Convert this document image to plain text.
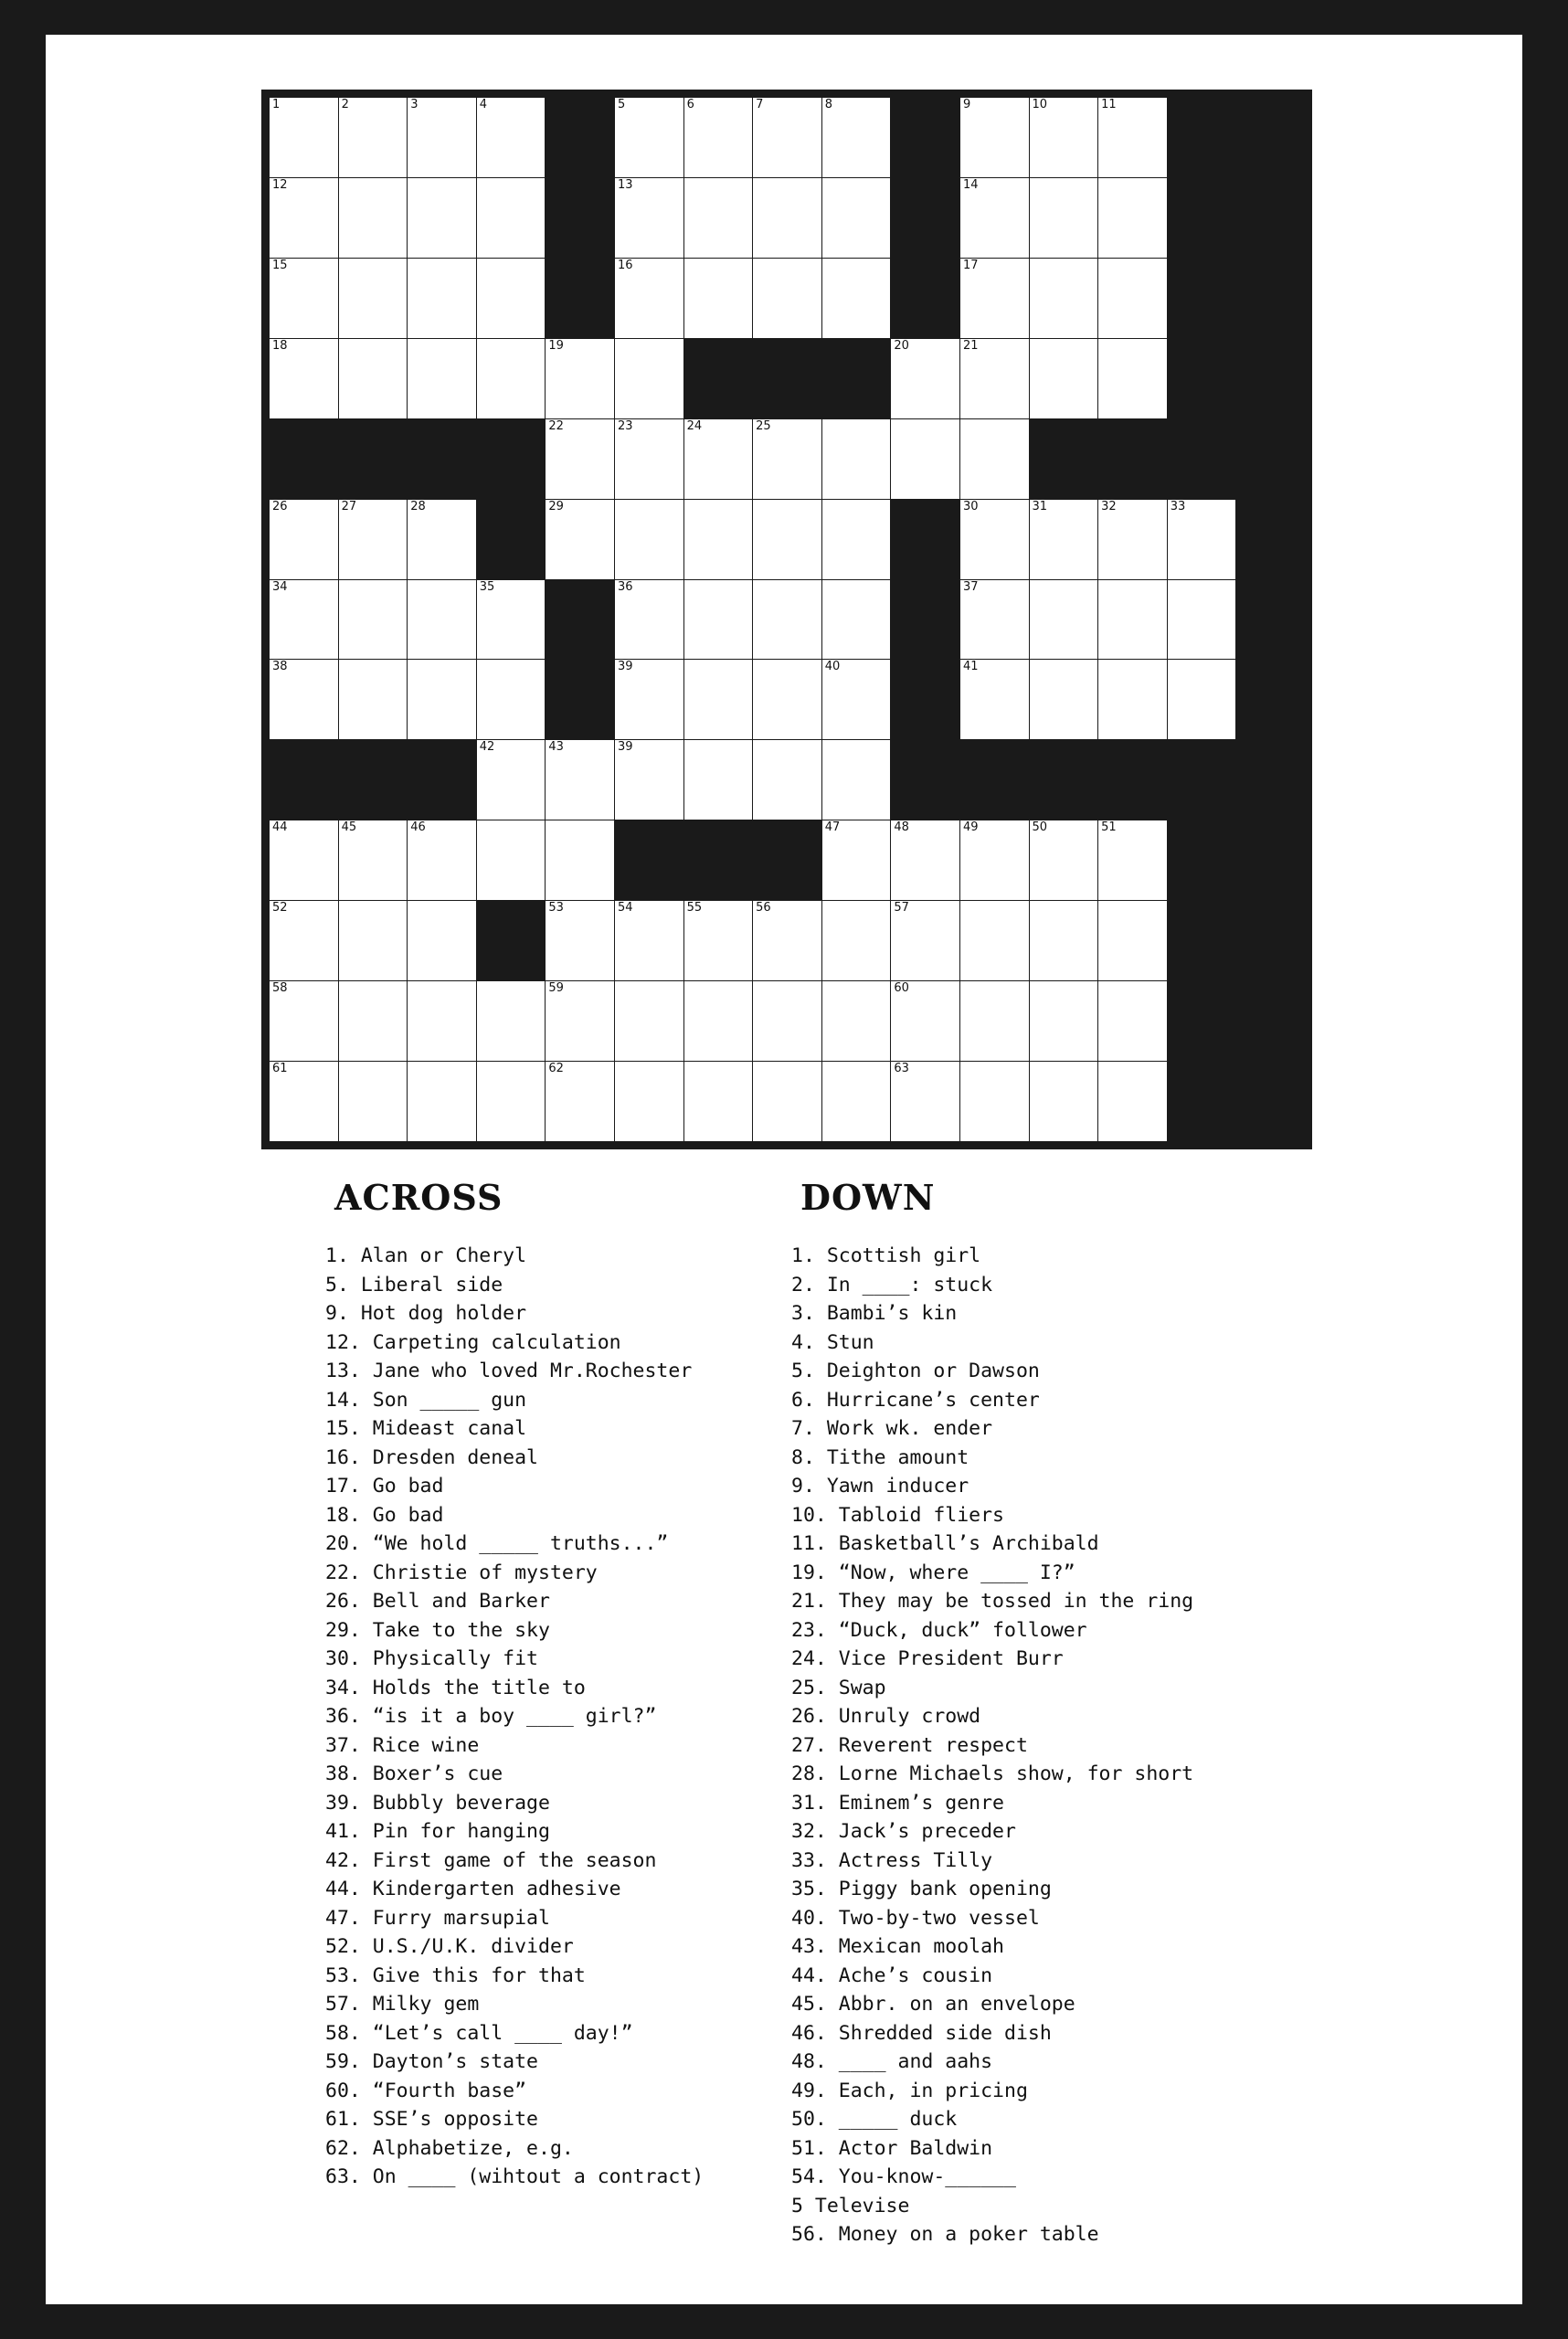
1	2	3	4		5	6	7	8		9	10	11		

12					13					14				

15					16					17				

18				19					20	21				

				22	23	24	25							

26	27	28		29						30	31	32	33	

34			35		36					37				

38					39			40		41				

			42	43	39									

44	45	46						47	48	49	50	51		

52				53	54	55	56		57					

58				59					60					

61				62					63					

ACROSS
1. Alan or Cheryl
5. Liberal side
9. Hot dog holder
12. Carpeting calculation
13. Jane who loved Mr.Rochester
14. Son _____ gun
15. Mideast canal
16. Dresden deneal
17. Go bad
18. Go bad
20. “We hold _____ truths...”
22. Christie of mystery
26. Bell and Barker
29. Take to the sky
30. Physically fit
34. Holds the title to
36. “is it a boy ____ girl?”
37. Rice wine
38. Boxer’s cue
39. Bubbly beverage
41. Pin for hanging
42. First game of the season
44. Kindergarten adhesive
47. Furry marsupial
52. U.S./U.K. divider
53. Give this for that
57. Milky gem
58. “Let’s call ____ day!”
59. Dayton’s state
60. “Fourth base”
61. SSE’s opposite
62. Alphabetize, e.g.
63. On ____ (wihtout a contract)
DOWN
1. Scottish girl
2. In ____: stuck
3. Bambi’s kin
4. Stun
5. Deighton or Dawson
6. Hurricane’s center
7. Work wk. ender
8. Tithe amount
9. Yawn inducer
10. Tabloid fliers
11. Basketball’s Archibald
19. “Now, where ____ I?”
21. They may be tossed in the ring
23. “Duck, duck” follower
24. Vice President Burr
25. Swap
26. Unruly crowd
27. Reverent respect
28. Lorne Michaels show, for short
31. Eminem’s genre
32. Jack’s preceder
33. Actress Tilly
35. Piggy bank opening
40. Two-by-two vessel
43. Mexican moolah
44. Ache’s cousin
45. Abbr. on an envelope
46. Shredded side dish
48. ____ and aahs
49. Each, in pricing
50. _____ duck
51. Actor Baldwin
54. You-know-______
5 Televise
56. Money on a poker table
